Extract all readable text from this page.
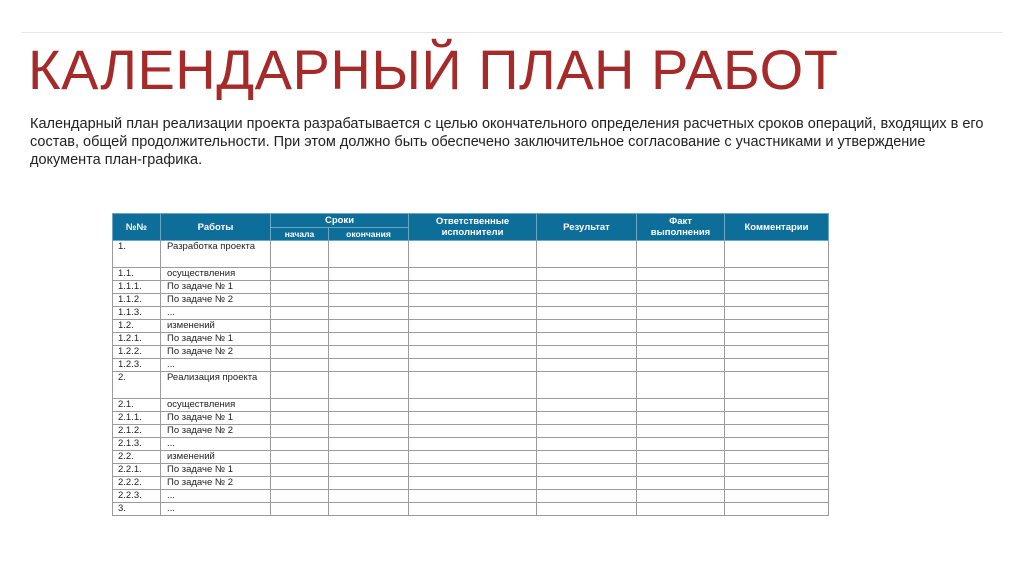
КАЛЕНДАРНЫЙ ПЛАН РАБОТ

Календарный план реализации проекта разрабатывается с целью окончательного определения расчетных сроков операций, входящих в его состав, общей продолжительности. При этом должно быть обеспечено заключительное согласование с участниками и утверждение документа план-графика.

№№	Работы	Сроки		Ответственные исполнители	Результат	Факт выполнения	Комментарии
		начала	окончания				
1.	Разработка проекта						
1.1.	осуществления						
1.1.1.	По задаче № 1						
1.1.2.	По задаче № 2						
1.1.3.	...						
1.2.	изменений						
1.2.1.	По задаче № 1						
1.2.2.	По задаче № 2						
1.2.3.	...						
2.	Реализация проекта						
2.1.	осуществления						
2.1.1.	По задаче № 1						
2.1.2.	По задаче № 2						
2.1.3.	...						
2.2.	изменений						
2.2.1.	По задаче № 1						
2.2.2.	По задаче № 2						
2.2.3.	...						
3.	...						
